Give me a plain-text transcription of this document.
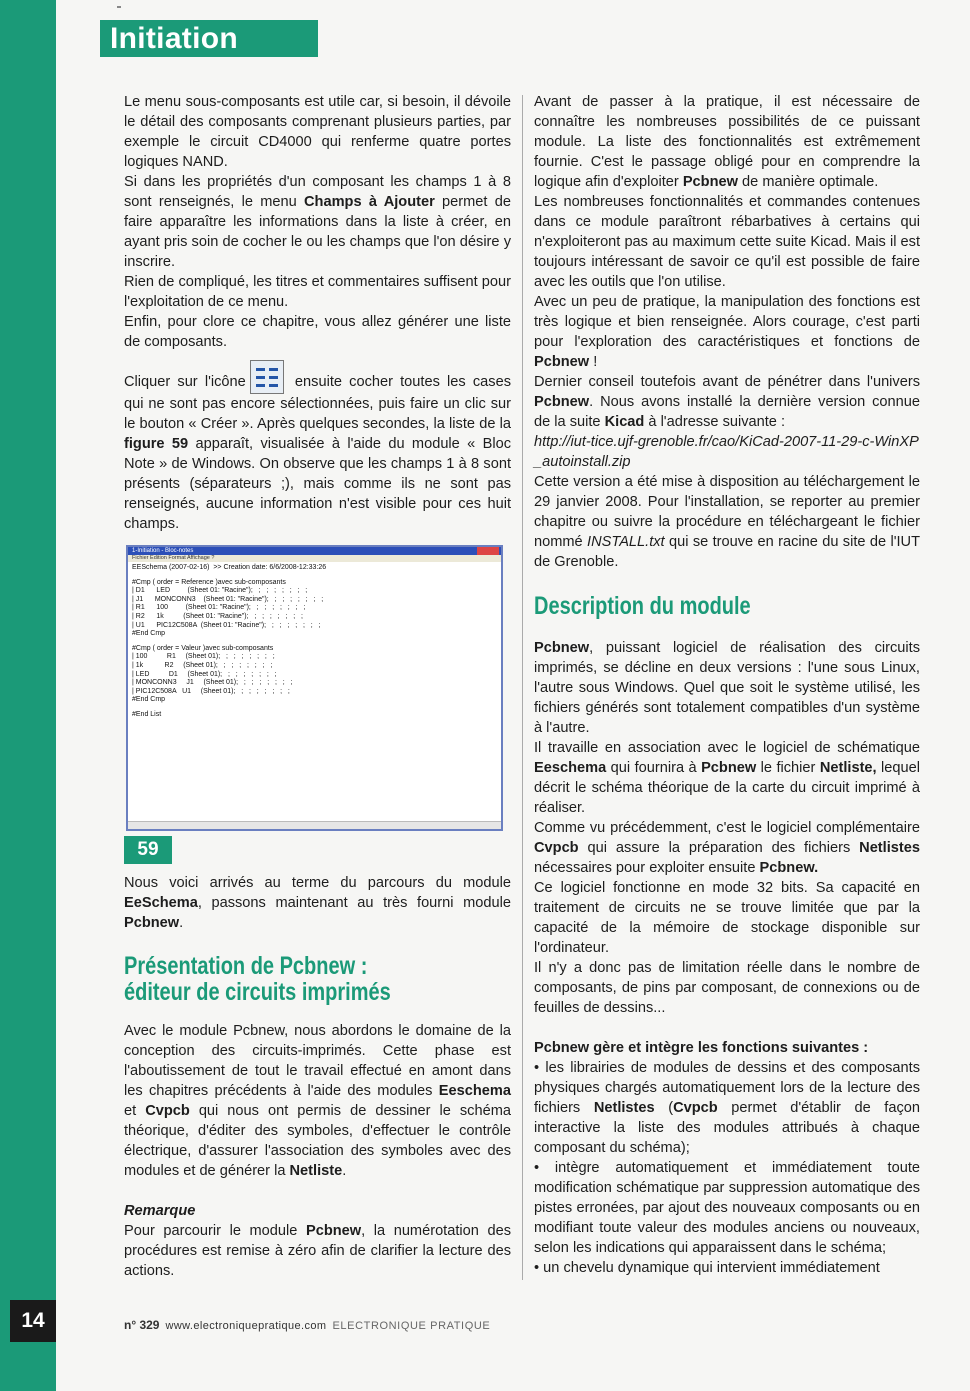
Initiation
14

Le menu sous-composants est utile car, si besoin, il dévoile le détail des composants comprenant plusieurs parties, par exemple le circuit CD4000 qui renferme quatre portes logiques NAND.

Si dans les propriétés d'un composant les champs 1 à 8 sont renseignés, le menu Champs à Ajouter permet de faire apparaître les informations dans la liste à créer, en ayant pris soin de cocher le ou les champs que l'on désire y inscrire.

Rien de compliqué, les titres et commentaires suffisent pour l'exploitation de ce menu.

Enfin, pour clore ce chapitre, vous allez générer une liste de composants.

Cliquer sur l'icône	ensuite cocher toutes les cases qui ne sont pas encore sélectionnées, puis faire un clic sur le bouton « Créer ». Après quelques secondes, la liste de la figure 59 apparaît, visualisée à l'aide du module « Bloc Note » de Windows. On observe que les champs 1 à 8 sont présents (séparateurs ;), mais comme ils ne sont pas renseignés, aucune information n'est visible pour ces huit champs.

1-Initiation - Bloc-notes
Fichier Edition Format Affichage ?
EESchema (2007-02-16)  >> Creation date: 6/6/2008-12:33:26
#Cmp ( order = Reference )avec sub-composants
| D1      LED         (Sheet 01: "Racine");   ;   ;   ;   ;   ;   ;   ;
| J1      MONCONN3    (Sheet 01: "Racine");   ;   ;   ;   ;   ;   ;   ;
| R1      100         (Sheet 01: "Racine");   ;   ;   ;   ;   ;   ;   ;
| R2      1k          (Sheet 01: "Racine");   ;   ;   ;   ;   ;   ;   ;
| U1      PIC12C508A  (Sheet 01: "Racine");   ;   ;   ;   ;   ;   ;   ;
#End Cmp
#Cmp ( order = Valeur )avec sub-composants
| 100          R1     (Sheet 01);   ;   ;   ;   ;   ;   ;   ;
| 1k           R2     (Sheet 01);   ;   ;   ;   ;   ;   ;   ;
| LED          D1     (Sheet 01);   ;   ;   ;   ;   ;   ;   ;
| MONCONN3     J1     (Sheet 01);   ;   ;   ;   ;   ;   ;   ;
| PIC12C508A   U1     (Sheet 01);   ;   ;   ;   ;   ;   ;   ;
#End Cmp
#End List
59

Nous voici arrivés au terme du parcours du module EeSchema, passons maintenant au très fourni module Pcbnew.

Présentation de Pcbnew :
éditeur de circuits imprimés

Avec le module Pcbnew, nous abordons le domaine de la conception des circuits-imprimés. Cette phase est l'aboutissement de tout le travail effectué en amont dans les chapitres précédents à l'aide des modules Eeschema et Cvpcb qui nous ont permis de dessiner le schéma théorique, d'éditer des symboles, d'effectuer le contrôle électrique, d'assurer l'association des symboles avec des modules et de générer la Netliste.

Remarque

Pour parcourir le module Pcbnew, la numérotation des procédures est remise à zéro afin de clarifier la lecture des actions.

Avant de passer à la pratique, il est nécessaire de connaître les nombreuses possibilités de ce puissant module. La liste des fonctionnalités est extrêmement fournie. C'est le passage obligé pour en comprendre la logique afin d'exploiter Pcbnew de manière optimale.

Les nombreuses fonctionnalités et commandes contenues dans ce module paraîtront rébarbatives à certains qui n'exploiteront pas au maximum cette suite Kicad. Mais il est toujours intéressant de savoir ce qu'il est possible de faire avec les outils que l'on utilise.

Avec un peu de pratique, la manipulation des fonctions est très logique et bien renseignée. Alors courage, c'est parti pour l'exploration des caractéristiques et fonctions de Pcbnew !

Dernier conseil toutefois avant de pénétrer dans l'univers Pcbnew. Nous avons installé la dernière version connue de la suite Kicad à l'adresse suivante :

http://iut-tice.ujf-grenoble.fr/cao/KiCad-2007-11-29-c-WinXP_autoinstall.zip

Cette version a été mise à disposition au téléchargement le 29 janvier 2008. Pour l'installation, se reporter au premier chapitre ou suivre la procédure en téléchargeant le fichier nommé INSTALL.txt qui se trouve en racine du site de l'IUT de Grenoble.

Description du module

Pcbnew, puissant logiciel de réalisation des circuits imprimés, se décline en deux versions : l'une sous Linux, l'autre sous Windows. Quel que soit le système utilisé, les fichiers générés sont totalement compatibles d'un système à l'autre.

Il travaille en association avec le logiciel de schématique Eeschema qui fournira à Pcbnew le fichier Netliste, lequel décrit le schéma théorique de la carte du circuit imprimé à réaliser.

Comme vu précédemment, c'est le logiciel complémentaire Cvpcb qui assure la préparation des fichiers Netlistes nécessaires pour exploiter ensuite Pcbnew.

Ce logiciel fonctionne en mode 32 bits. Sa capacité en traitement de circuits ne se trouve limitée que par la capacité de la mémoire de stockage disponible sur l'ordinateur.

Il n'y a donc pas de limitation réelle dans le nombre de composants, de pins par composant, de connexions ou de feuilles de dessins...

Pcbnew gère et intègre les fonctions suivantes :

• les librairies de modules de dessins et des composants physiques chargés automatiquement lors de la lecture des fichiers Netlistes (Cvpcb permet d'établir de façon interactive la liste des modules attribués à chaque composant du schéma);

• intègre automatiquement et immédiatement toute modification schématique par suppression automatique des pistes erronées, par ajout des nouveaux composants ou en modifiant toute valeur des modules anciens ou nouveaux, selon les indications qui apparaissent dans le schéma;

• un chevelu dynamique qui intervient immédiatement

n° 329 www.electroniquepratique.com ELECTRONIQUE PRATIQUE
